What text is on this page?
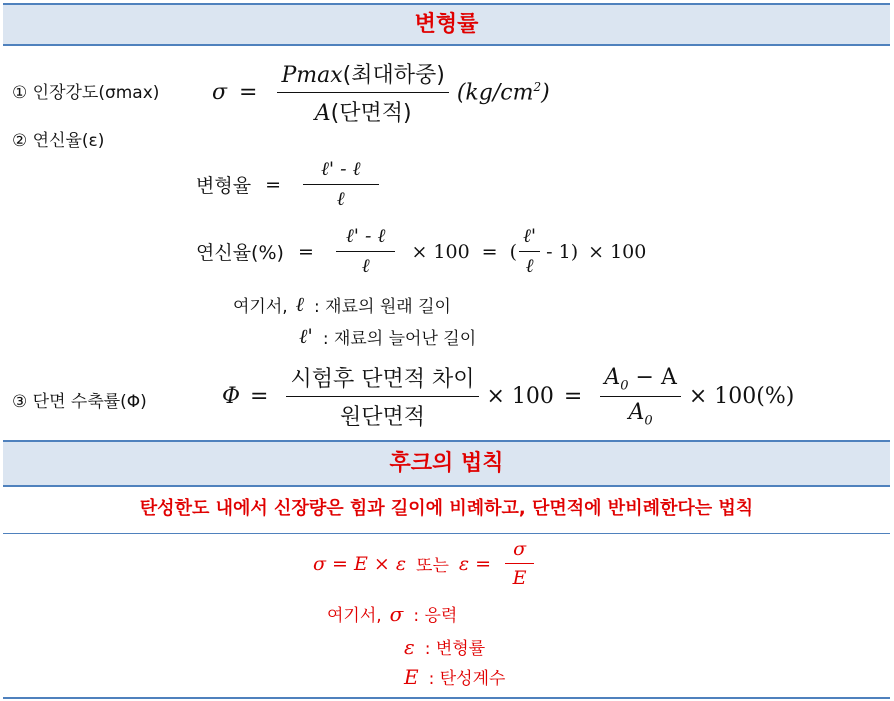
변형률
① 인장강도(σmax) $\sigma = \frac{\text{Pmax(최대하중)}}{\text{A(단면적)}} (kg/cm^2)$
② 연신율(ε)
변형율 = $\frac{\text{ℓ' - ℓ}}{\text{ℓ}}$
연신율(%) = $\frac{\text{ℓ' - ℓ}}{\text{ℓ}} \times 100$ = ( $\frac{\text{ℓ'}}{\text{ℓ}} - 1) \times 100$
여기서, ℓ : 재료의 원래 길이
ℓ' : 재료의 늘어난 길이
③ 단면 수축률(Φ)	$\Phi = \frac{\text{시험후 단면적 차이}}{\text{원단면적}} \times 100 = \frac{A_0 - A}{A_0} \times 100(\%)$
후크의 법칙
탄성한도 내에서 신장량은 힘과 길이에 비례하고, 단면적에 반비례한다는 법칙
σ = E × ε 또는 $\varepsilon = \frac{\sigma}{E}$
여기서, σ : 응력
ε : 변형률
E : 탄성계수
